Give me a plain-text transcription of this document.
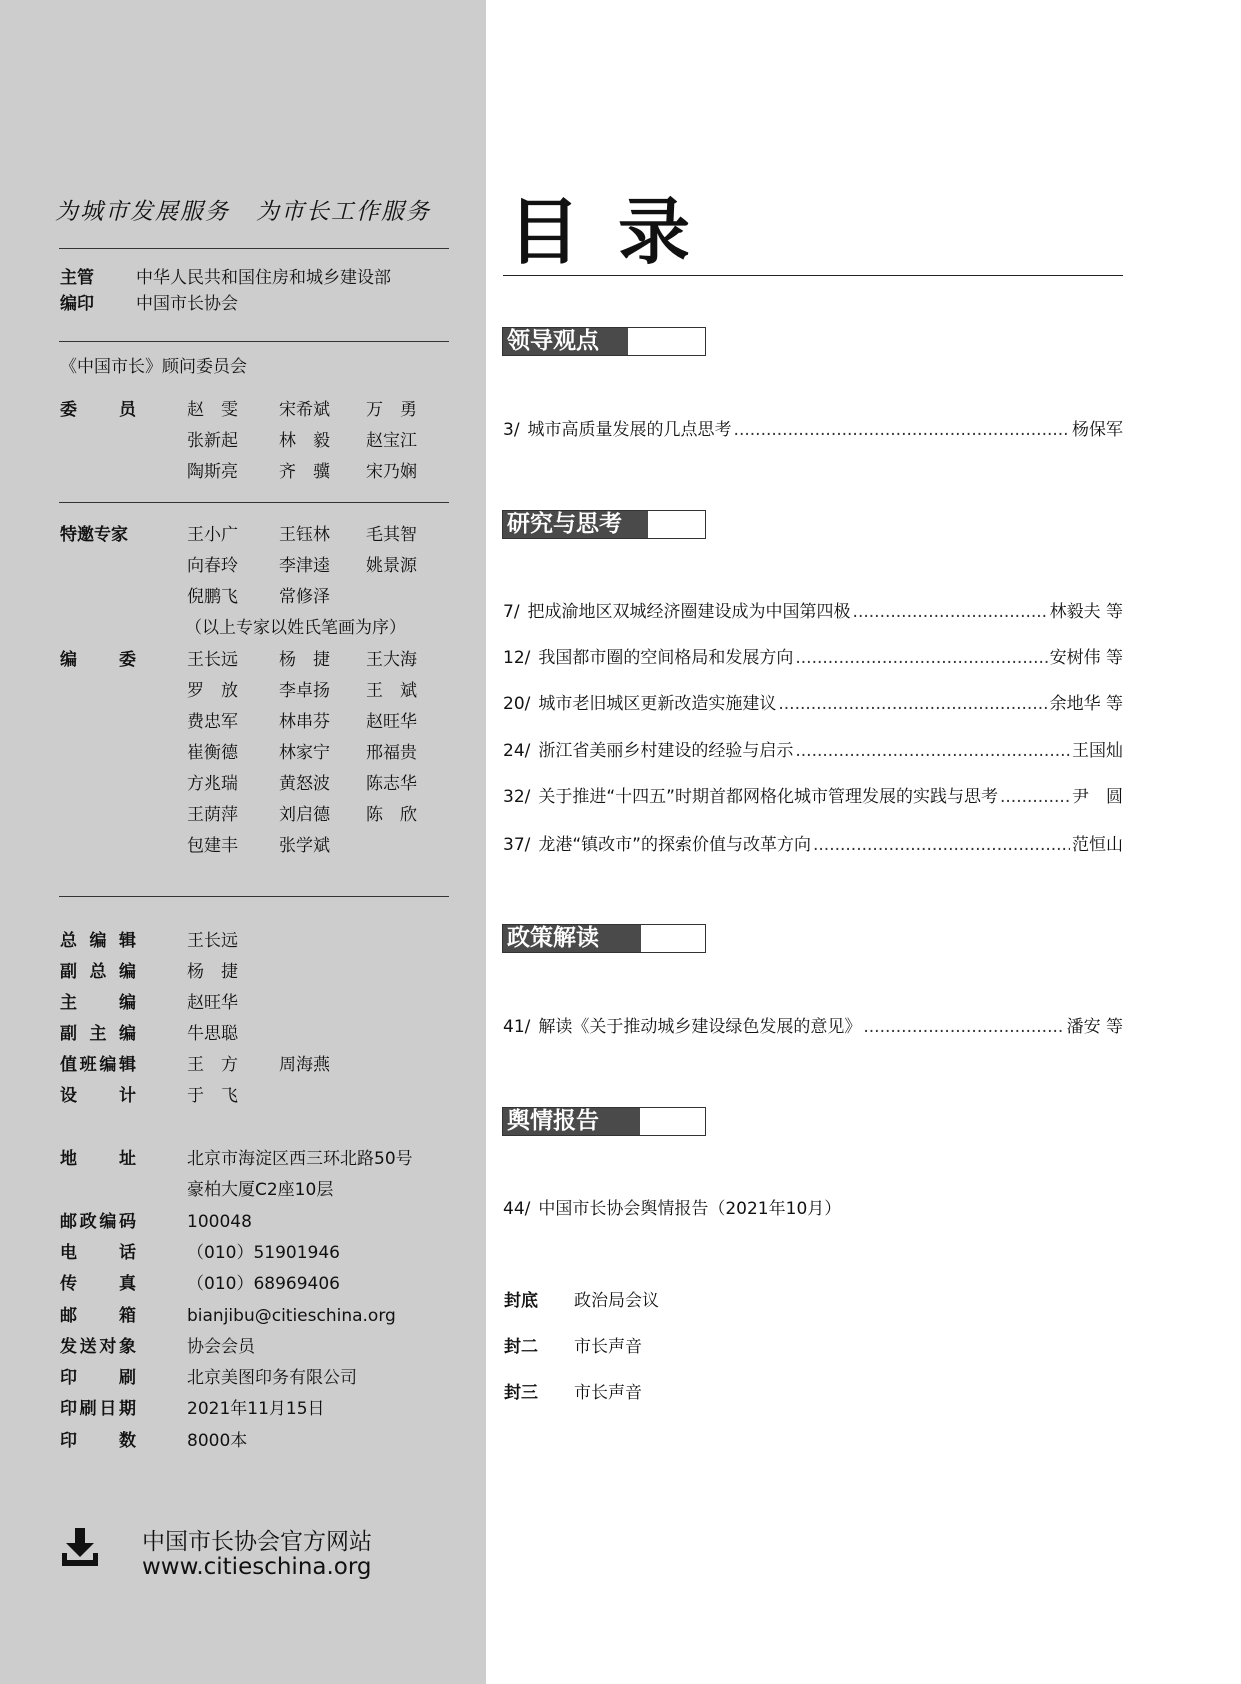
为城市发展服务 为市长工作服务
主管 中华人民共和国住房和城乡建设部
编印 中国市长协会
《中国市长》顾问委员会
委 员	赵　雯 宋希斌 万　勇
张新起 林　毅 赵宝江
陶斯亮 齐　骥 宋乃娴
特邀专家	王小广 王钰林 毛其智
向春玲 李津逵 姚景源
倪鹏飞 常修泽
（以上专家以姓氏笔画为序）
编 委	王长远 杨　捷 王大海
罗　放 李卓扬 王　斌
费忠军 林串芬 赵旺华
崔衡德 林家宁 邢福贵
方兆瑞 黄怒波 陈志华
王荫萍 刘启德 陈　欣
包建丰 张学斌
总 编 辑	王长远
副 总 编	杨　捷
主 编	赵旺华
副 主 编	牛思聪
值 班 编 辑	王　方 周海燕
设 计	于　飞
地 址	北京市海淀区西三环北路50号
豪柏大厦C2座10层
邮 政 编 码	100048
电 话	（010）51901946
传 真	（010）68969406
邮 箱	bianjibu@citieschina.org
发 送 对 象	协会会员
印 刷	北京美图印务有限公司
印 刷 日 期	2021年11月15日
印 数	8000本
中国市长协会官方网站
www.citieschina.org
目录
领导观点
3/ 城市高质量发展的几点思考 .....	杨保军
研究与思考
7/ 把成渝地区双城经济圈建设成为中国第四极 .....	林毅夫 等
12/ 我国都市圈的空间格局和发展方向 .....	安树伟 等
20/ 城市老旧城区更新改造实施建议 .....	余地华 等
24/ 浙江省美丽乡村建设的经验与启示 .....	王国灿
32/ 关于推进“十四五”时期首都网格化城市管理发展的实践与思考 .....	尹　圆
37/ 龙港“镇改市”的探索价值与改革方向 .....	范恒山
政策解读
41/ 解读《关于推动城乡建设绿色发展的意见》 .....	潘安 等
舆情报告
44/ 中国市长协会舆情报告（2021年10月）
封底 政治局会议
封二 市长声音
封三 市长声音
